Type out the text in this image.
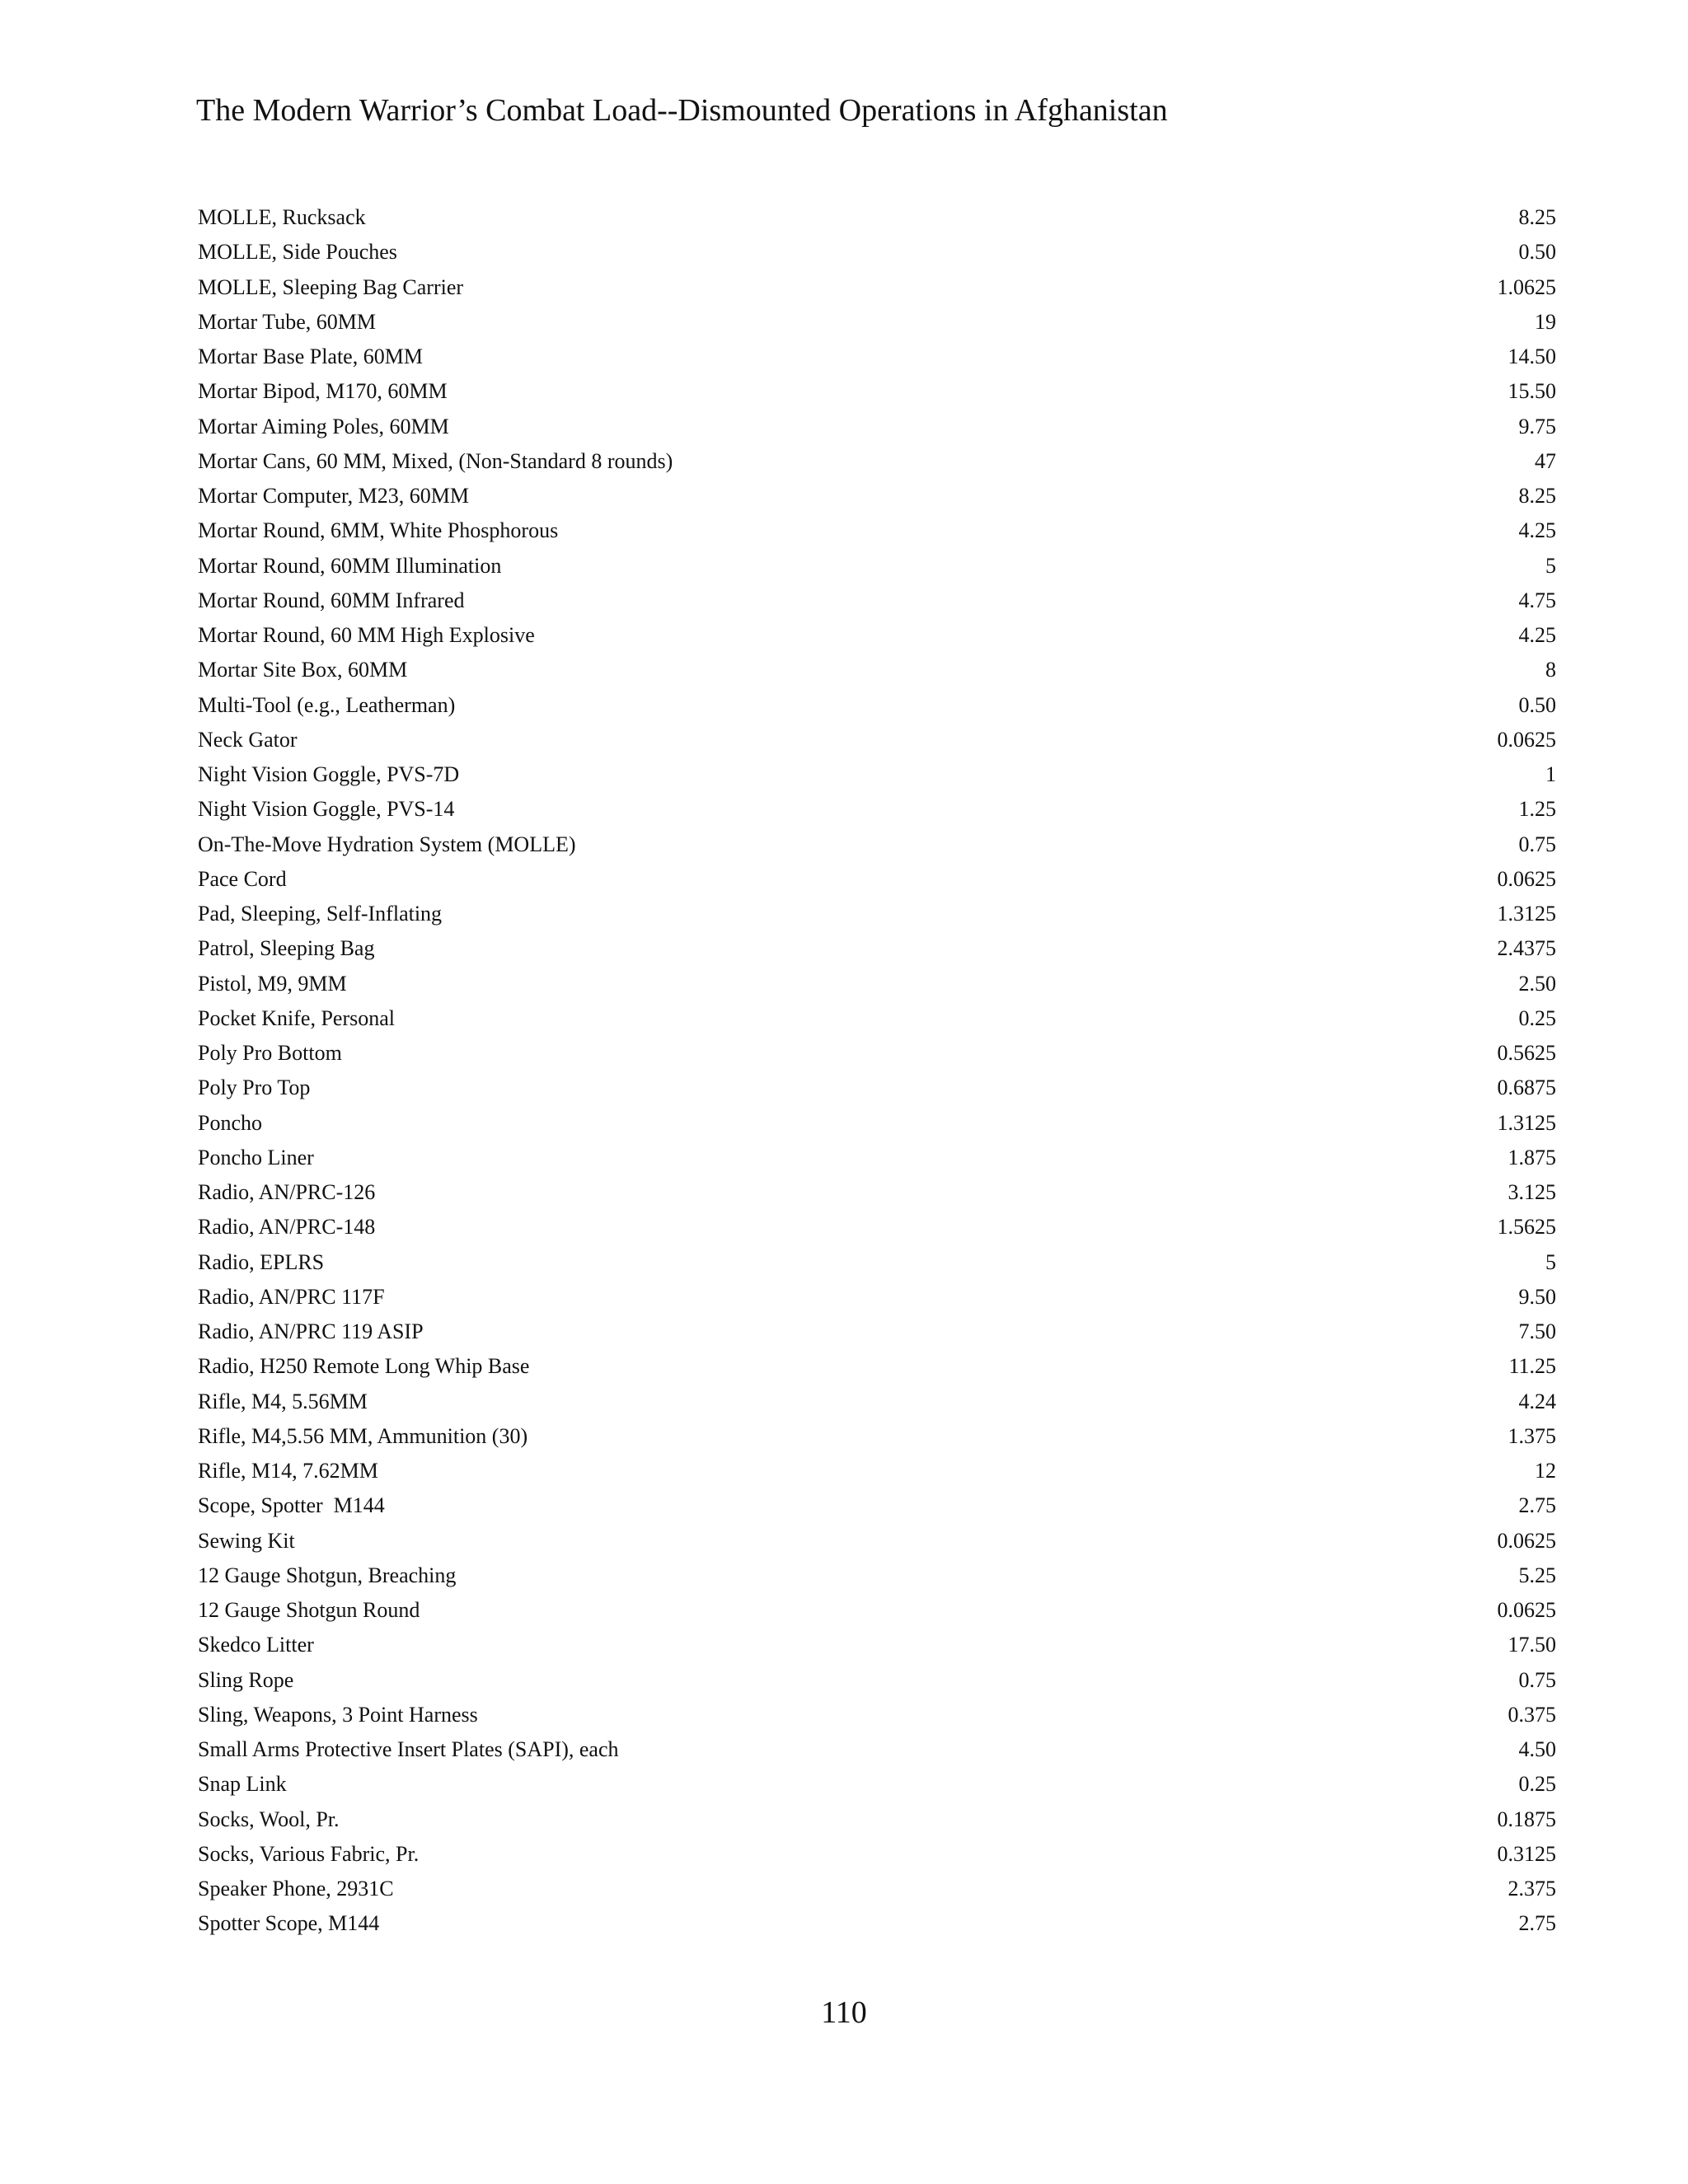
The Modern Warrior’s Combat Load--Dismounted Operations in Afghanistan
MOLLE, Rucksack	8.25
MOLLE, Side Pouches	0.50
MOLLE, Sleeping Bag Carrier	1.0625
Mortar Tube, 60MM	19
Mortar Base Plate, 60MM	14.50
Mortar Bipod, M170, 60MM	15.50
Mortar Aiming Poles, 60MM	9.75
Mortar Cans, 60 MM, Mixed, (Non-Standard 8 rounds)	47
Mortar Computer, M23, 60MM	8.25
Mortar Round, 6MM, White Phosphorous	4.25
Mortar Round, 60MM Illumination	5
Mortar Round, 60MM Infrared	4.75
Mortar Round, 60 MM High Explosive	4.25
Mortar Site Box, 60MM	8
Multi-Tool (e.g., Leatherman)	0.50
Neck Gator	0.0625
Night Vision Goggle, PVS-7D	1
Night Vision Goggle, PVS-14	1.25
On-The-Move Hydration System (MOLLE)	0.75
Pace Cord	0.0625
Pad, Sleeping, Self-Inflating	1.3125
Patrol, Sleeping Bag	2.4375
Pistol, M9, 9MM	2.50
Pocket Knife, Personal	0.25
Poly Pro Bottom	0.5625
Poly Pro Top	0.6875
Poncho	1.3125
Poncho Liner	1.875
Radio, AN/PRC-126	3.125
Radio, AN/PRC-148	1.5625
Radio, EPLRS	5
Radio, AN/PRC 117F	9.50
Radio, AN/PRC 119 ASIP	7.50
Radio, H250 Remote Long Whip Base	11.25
Rifle, M4, 5.56MM	4.24
Rifle, M4,5.56 MM, Ammunition (30)	1.375
Rifle, M14, 7.62MM	12
Scope, Spotter  M144	2.75
Sewing Kit	0.0625
12 Gauge Shotgun, Breaching	5.25
12 Gauge Shotgun Round	0.0625
Skedco Litter	17.50
Sling Rope	0.75
Sling, Weapons, 3 Point Harness	0.375
Small Arms Protective Insert Plates (SAPI), each	4.50
Snap Link	0.25
Socks, Wool, Pr.	0.1875
Socks, Various Fabric, Pr.	0.3125
Speaker Phone, 2931C	2.375
Spotter Scope, M144	2.75
110
